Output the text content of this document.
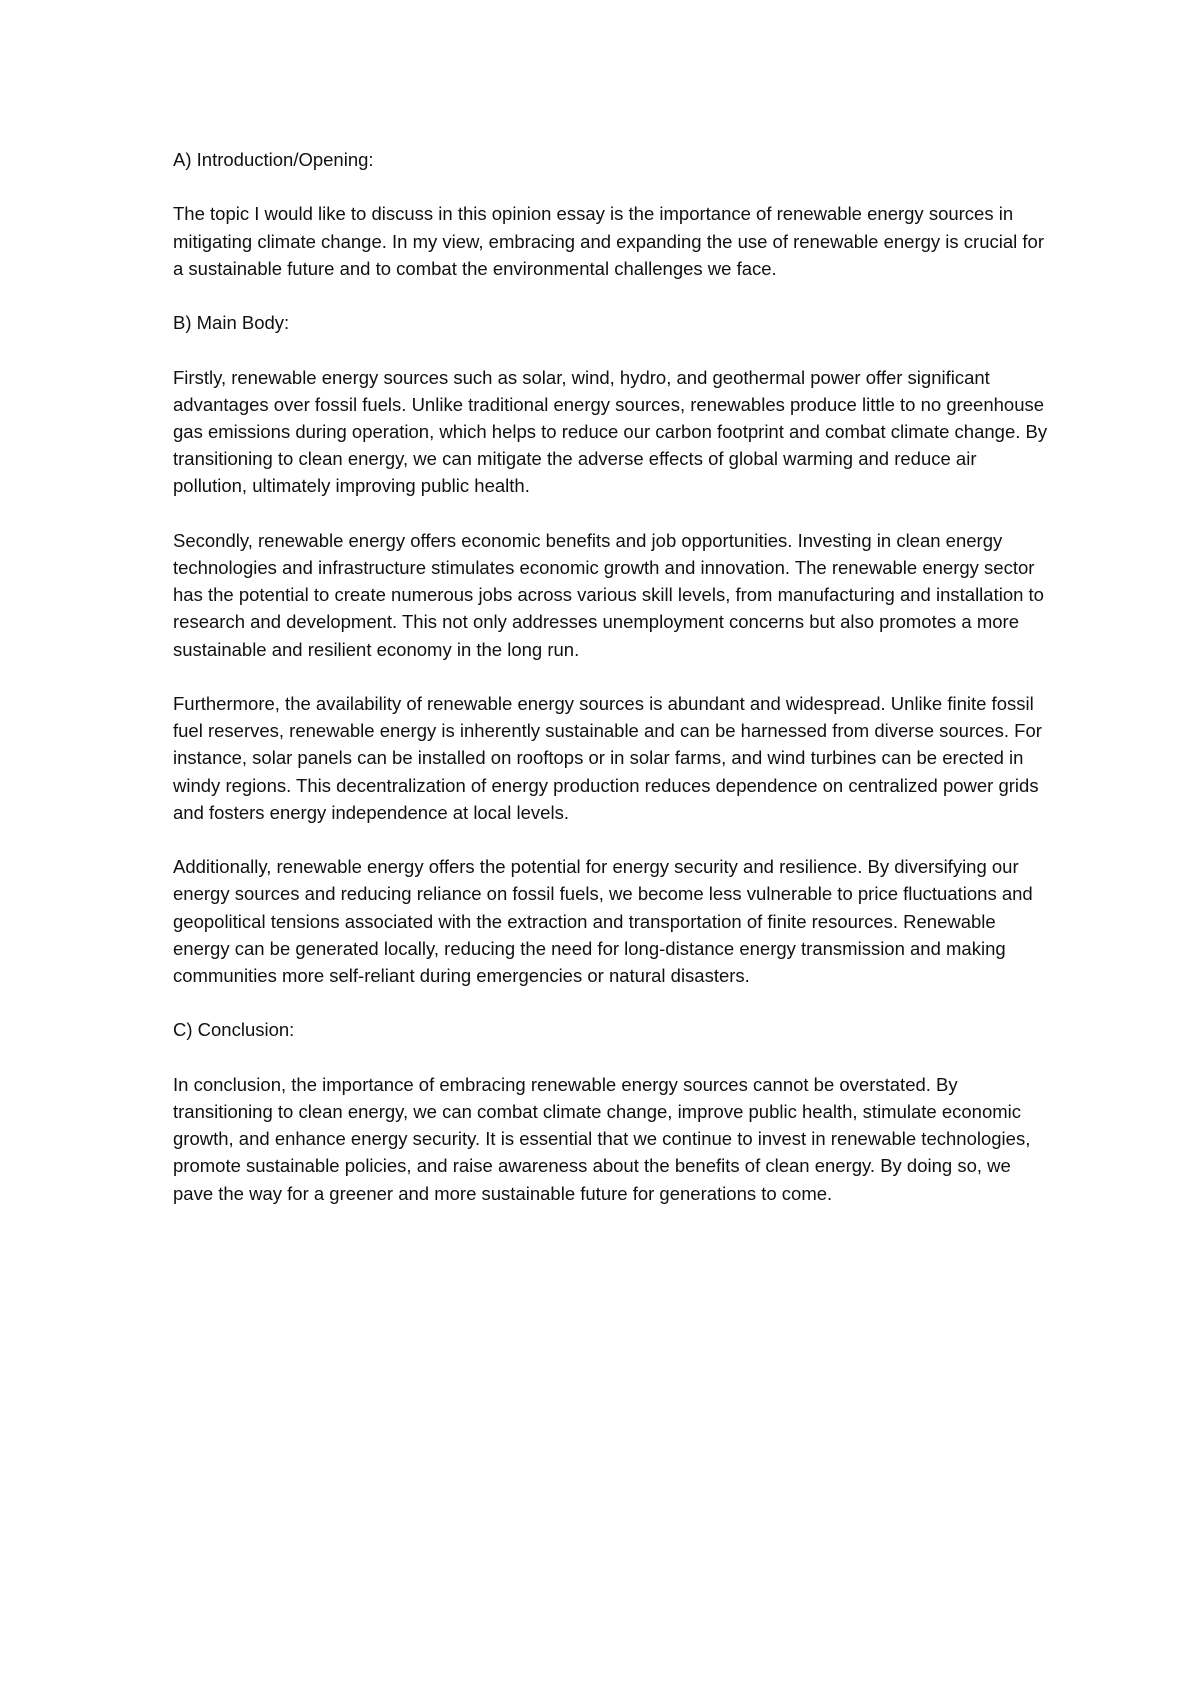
A) Introduction/Opening:
The topic I would like to discuss in this opinion essay is the importance of renewable energy sources in mitigating climate change. In my view, embracing and expanding the use of renewable energy is crucial for a sustainable future and to combat the environmental challenges we face.
B) Main Body:
Firstly, renewable energy sources such as solar, wind, hydro, and geothermal power offer significant advantages over fossil fuels. Unlike traditional energy sources, renewables produce little to no greenhouse gas emissions during operation, which helps to reduce our carbon footprint and combat climate change. By transitioning to clean energy, we can mitigate the adverse effects of global warming and reduce air pollution, ultimately improving public health.
Secondly, renewable energy offers economic benefits and job opportunities. Investing in clean energy technologies and infrastructure stimulates economic growth and innovation. The renewable energy sector has the potential to create numerous jobs across various skill levels, from manufacturing and installation to research and development. This not only addresses unemployment concerns but also promotes a more sustainable and resilient economy in the long run.
Furthermore, the availability of renewable energy sources is abundant and widespread. Unlike finite fossil fuel reserves, renewable energy is inherently sustainable and can be harnessed from diverse sources. For instance, solar panels can be installed on rooftops or in solar farms, and wind turbines can be erected in windy regions. This decentralization of energy production reduces dependence on centralized power grids and fosters energy independence at local levels.
Additionally, renewable energy offers the potential for energy security and resilience. By diversifying our energy sources and reducing reliance on fossil fuels, we become less vulnerable to price fluctuations and geopolitical tensions associated with the extraction and transportation of finite resources. Renewable energy can be generated locally, reducing the need for long-distance energy transmission and making communities more self-reliant during emergencies or natural disasters.
C) Conclusion:
In conclusion, the importance of embracing renewable energy sources cannot be overstated. By transitioning to clean energy, we can combat climate change, improve public health, stimulate economic growth, and enhance energy security. It is essential that we continue to invest in renewable technologies, promote sustainable policies, and raise awareness about the benefits of clean energy. By doing so, we pave the way for a greener and more sustainable future for generations to come.
